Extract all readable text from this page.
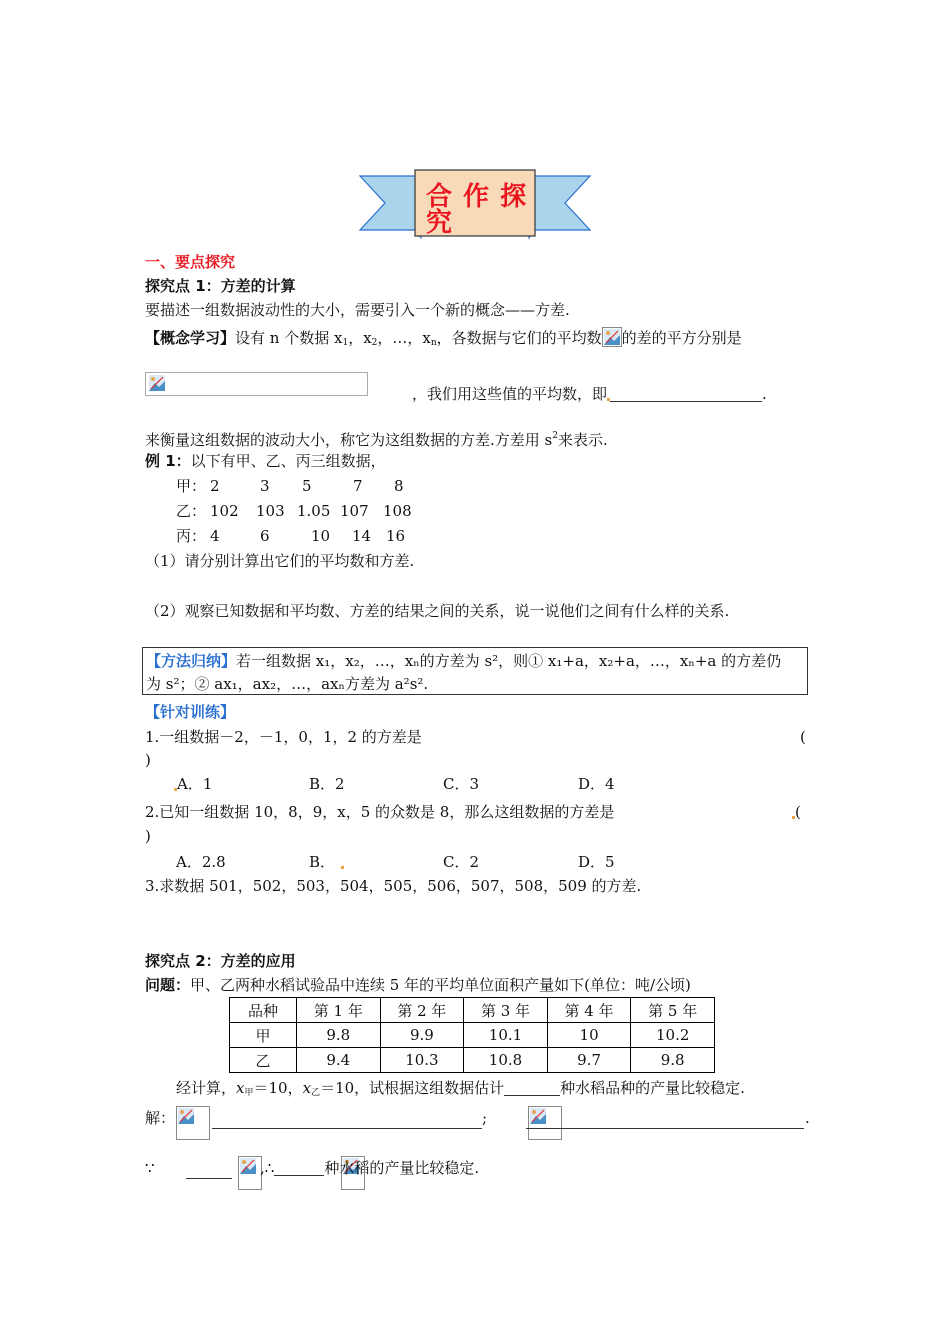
合 作 探 究
一、要点探究
探究点 1：方差的计算
要描述一组数据波动性的大小，需要引入一个新的概念——方差.
【概念学习】设有 n 个数据 $x_1$，$x_2$，…，$x_n$，各数据与它们的平均数 的差的平方分别是
，我们用这些值的平均数，即	.
来衡量这组数据的波动大小，称它为这组数据的方差.方差用 $s^2$来表示.
例 1：以下有甲、乙、丙三组数据，
甲： 2	3 5	7 8
乙： 102 103 1.05 107 108
丙： 4	6	10 14 16
（1）请分别计算出它们的平均数和方差.
（2）观察已知数据和平均数、方差的结果之间的关系，说一说他们之间有什么样的关系.
【方法归纳】若一组数据 x₁，x₂，…，xₙ的方差为 s²，则① x₁+a，x₂+a，…，xₙ+a 的方差仍
为 s²；② ax₁，ax₂，…，axₙ方差为 a²s².
【针对训练】
1.一组数据－2，－1，0，1，2 的方差是	(
)
A．1	B．2	C．3	D．4
2.已知一组数据 10，8，9，x，5 的众数是 8，那么这组数据的方差是	(
)
A．2.8	B．	C．2	D．5
3.求数据 501，502，503，504，505，506，507，508，509 的方差.
探究点 2：方差的应用
问题：甲、乙两种水稻试验品中连续 5 年的平均单位面积产量如下(单位：吨/公顷)
品种	第 1 年	第 2 年	第 3 年	第 4 年	第 5 年
甲	9.8	9.9	10.1	10	10.2
乙	9.4	10.3	10.8	9.7	9.8
经计算，$x_甲=10$，$x_乙=10$，试根据这组数据估计	种水稻品种的产量比较稳定.
解：
	;
	.
∵
	,∴	种水稻的产量比较稳定.
